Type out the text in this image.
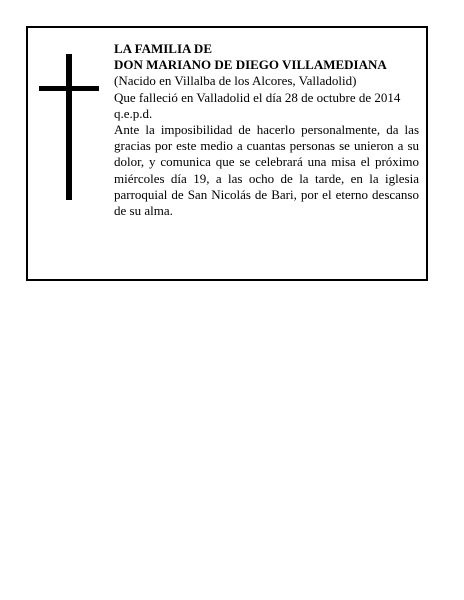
LA FAMILIA DE
DON MARIANO DE DIEGO VILLAMEDIANA
(Nacido en Villalba de los Alcores, Valladolid)
Que falleció en Valladolid el día 28 de octubre de 2014
q.e.p.d.
Ante la imposibilidad de hacerlo personalmente, da las gracias por este medio a cuantas personas se unieron a su dolor, y comunica que se celebrará una misa el próximo miércoles día 19, a las ocho de la tarde, en la iglesia parroquial de San Nicolás de Bari, por el eterno descanso de su alma.
